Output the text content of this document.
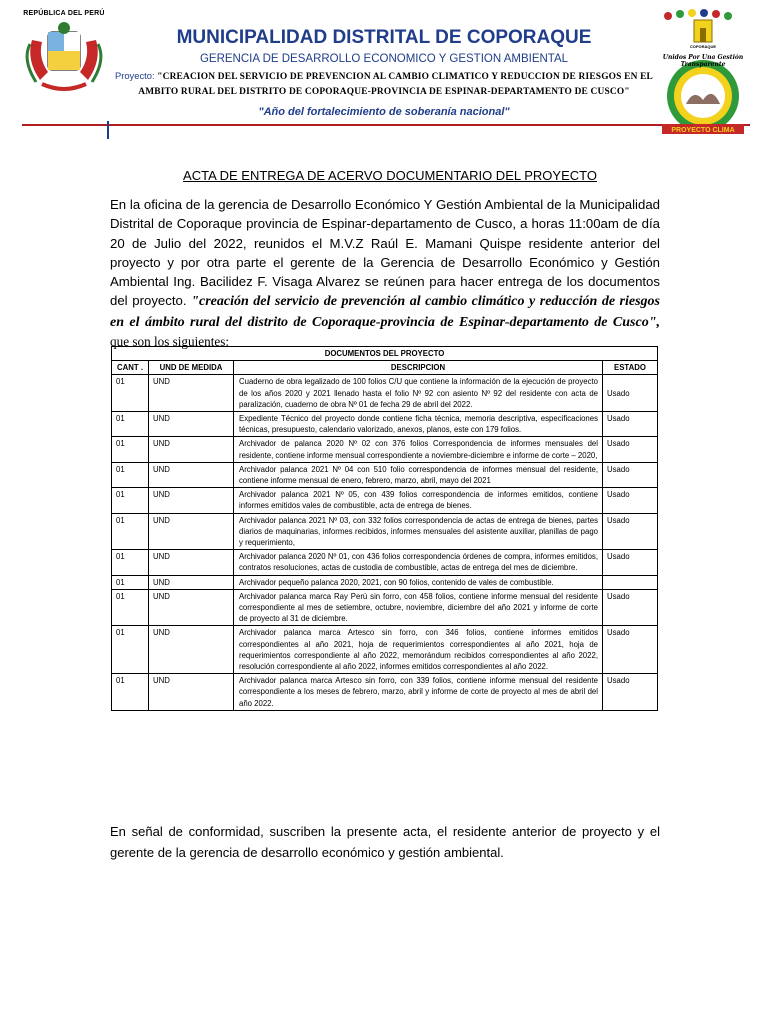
REPÚBLICA DEL PERÚ
MUNICIPALIDAD DISTRITAL DE COPORAQUE
GERENCIA DE DESARROLLO ECONOMICO Y GESTION AMBIENTAL
Proyecto: "CREACION DEL SERVICIO DE PREVENCION AL CAMBIO CLIMATICO Y REDUCCION DE RIESGOS EN EL AMBITO RURAL DEL DISTRITO DE COPORAQUE-PROVINCIA DE ESPINAR-DEPARTAMENTO DE CUSCO"
"Año del fortalecimiento de soberanía nacional"
PROYECTO CLIMA
COPORAQUE
Unidos Por Una Gestión Transparente
ACTA DE ENTREGA DE ACERVO DOCUMENTARIO DEL PROYECTO
En la oficina de la gerencia de Desarrollo Económico Y Gestión Ambiental de la Municipalidad Distrital de Coporaque provincia de Espinar-departamento de Cusco, a horas 11:00am de día 20 de Julio del 2022, reunidos el M.V.Z Raúl E. Mamani Quispe residente anterior del proyecto y por otra parte el gerente de la Gerencia de Desarrollo Económico y Gestión Ambiental Ing. Bacilidez F. Visaga Alvarez se reúnen para hacer entrega de los documentos del proyecto. "creación del servicio de prevención al cambio climático y reducción de riesgos en el ámbito rural del distrito de Coporaque-provincia de Espinar-departamento de Cusco", que son los siguientes:
DOCUMENTOS DEL PROYECTO			
CANT .	UND DE MEDIDA	DESCRIPCION	ESTADO
01	UND	Cuaderno de obra legalizado de 100 folios C/U que contiene la información de la ejecución de proyecto de los años 2020 y 2021 llenado hasta el folio Nº 92 con asiento Nº 92 del residente con acta de paralización, cuaderno de obra Nº 01 de fecha 29 de abril del 2022.	Usado
01	UND	Expediente Técnico del proyecto donde contiene ficha técnica, memoria descriptiva, especificaciones técnicas, presupuesto, calendario valorizado, anexos, planos, este con 179 folios.	Usado
01	UND	Archivador de palanca 2020 Nº 02 con 376 folios Correspondencia de informes mensuales del residente, contiene informe mensual correspondiente a noviembre-diciembre e informe de corte – 2020,	Usado
01	UND	Archivador palanca 2021 Nº 04 con 510 folio correspondencia de informes mensual del residente, contiene informe mensual de enero, febrero, marzo, abril, mayo del 2021	Usado
01	UND	Archivador palanca 2021 Nº 05, con 439 folios correspondencia de informes emitidos, contiene informes emitidos vales de combustible, acta de entrega de bienes.	Usado
01	UND	Archivador palanca 2021 Nº 03, con 332 folios correspondencia de actas de entrega de bienes, partes diarios de maquinarias, informes recibidos, informes mensuales del asistente auxiliar, planillas de pago y requerimiento,	Usado
01	UND	Archivador palanca 2020 Nº 01, con 436 folios correspondencia órdenes de compra, informes emitidos, contratos resoluciones, actas de custodia de combustible, actas de entrega del mes de diciembre.	Usado
01	UND	Archivador pequeño palanca 2020, 2021, con 90 folios, contenido de vales de combustible.	
01	UND	Archivador palanca marca Ray Perú sin forro, con 458 folios, contiene informe mensual del residente correspondiente al mes de setiembre, octubre, noviembre, diciembre del año 2021 y informe de corte de proyecto al 31 de diciembre.	Usado
01	UND	Archivador palanca marca Artesco sin forro, con 346 folios, contiene informes emitidos correspondientes al año 2021, hoja de requerimientos correspondientes al año 2021, hoja de requerimientos correspondiente al año 2022, memorándum recibidos correspondientes al año 2022, resolución correspondiente al año 2022, informes emitidos correspondientes al año 2022.	Usado
01	UND	Archivador palanca marca Artesco sin forro, con 339 folios, contiene informe mensual del residente correspondiente a los meses de febrero, marzo, abril y informe de corte de proyecto al mes de abril del año 2022.	Usado
En señal de conformidad, suscriben la presente acta, el residente anterior de proyecto y el gerente de la gerencia de desarrollo económico y gestión ambiental.
